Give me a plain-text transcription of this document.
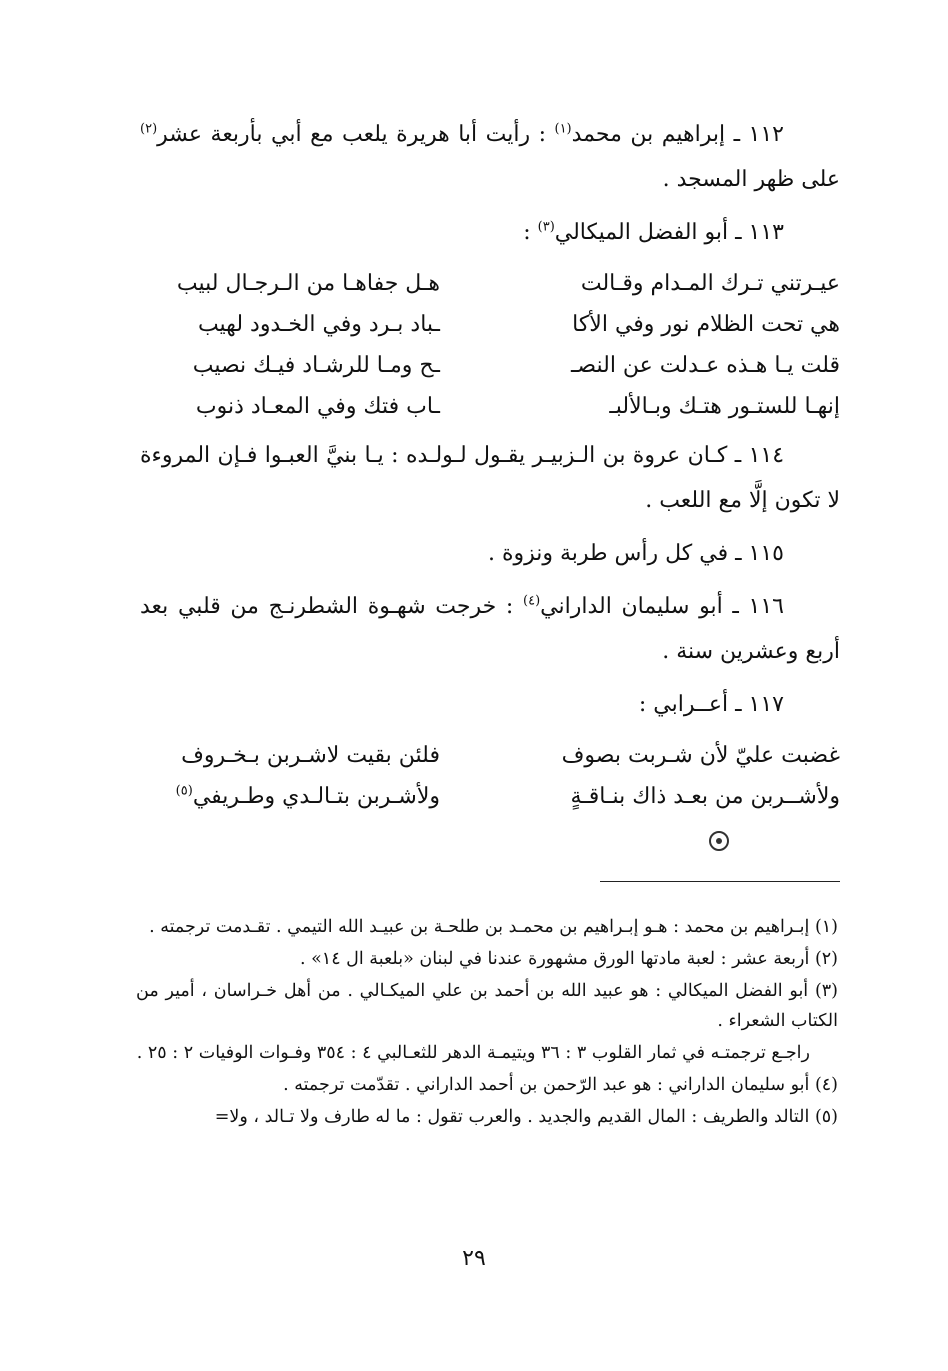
١١٢ ـ إبراهيم بن محمد$^{(١)}$ : رأيت أبا هريرة يلعب مع أبي بأربعة عشر$^{(٢)}$ على ظهر المسجد .

١١٣ ـ أبو الفضل الميكالي$^{(٣)}$ :

عيـرتني تـرك المـدام وقـالت
هـل جفاهـا من الـرجـال لبيب
هي تحت الظلام نور وفي الأكا
ـباد بـرد وفي الخـدود لهيب
قلت يـا هـذه عـدلت عن النصـ
ـح ومـا للرشـاد فيـك نصيب
إنهـا للستـور هتـك وبـالألبـ
ـاب فتك وفي المعـاد ذنوب

١١٤ ـ كـان عروة بن الـزبيـر يقـول لـولـده : يـا بنيَّ العبـوا فـإن المروءة لا تكون إلَّا مع اللعب .

١١٥ ـ في كل رأس طربة ونزوة .

١١٦ ـ أبو سليمان الداراني$^{(٤)}$ : خرجت شهـوة الشطرنـج من قلبي بعد أربع وعشرين سنة .

١١٧ ـ أعــرابي :

غضبت عليّ لأن شـربت بصوف
فلئن بقيت لاشـربن بـخـروف
ولأشــربن من بعـد ذاك بنـاقـةٍ
ولأشـربن بتـالـدي وطـريفي$^{(٥)}$

(١) إبـراهيم بن محمد : هـو إبـراهيم بن محمـد بن طلحـة بن عبيـد الله التيمي . تقـدمت ترجمته .

(٢) أربعة عشر : لعبة مادتها الورق مشهورة عندنا في لبنان «بلعبة ال ١٤» .

(٣) أبو الفضل الميكالي : هو عبيد الله بن أحمد بن علي الميكـالي . من أهل خـراسان ، أمير من الكتاب الشعراء .

راجـع ترجمتـه في ثمار القلوب ٣ : ٣٦ ويتيمـة الدهر للثعـالبي ٤ : ٣٥٤ وفـوات الوفيات ٢ : ٢٥ .

(٤) أبو سليمان الداراني : هو عبد الرّحمن بن أحمد الداراني . تقدّمت ترجمته .

(٥) التالد والطريف : المال القديم والجديد . والعرب تقول : ما له طارف ولا تـالد ، ولا=

٢٩
